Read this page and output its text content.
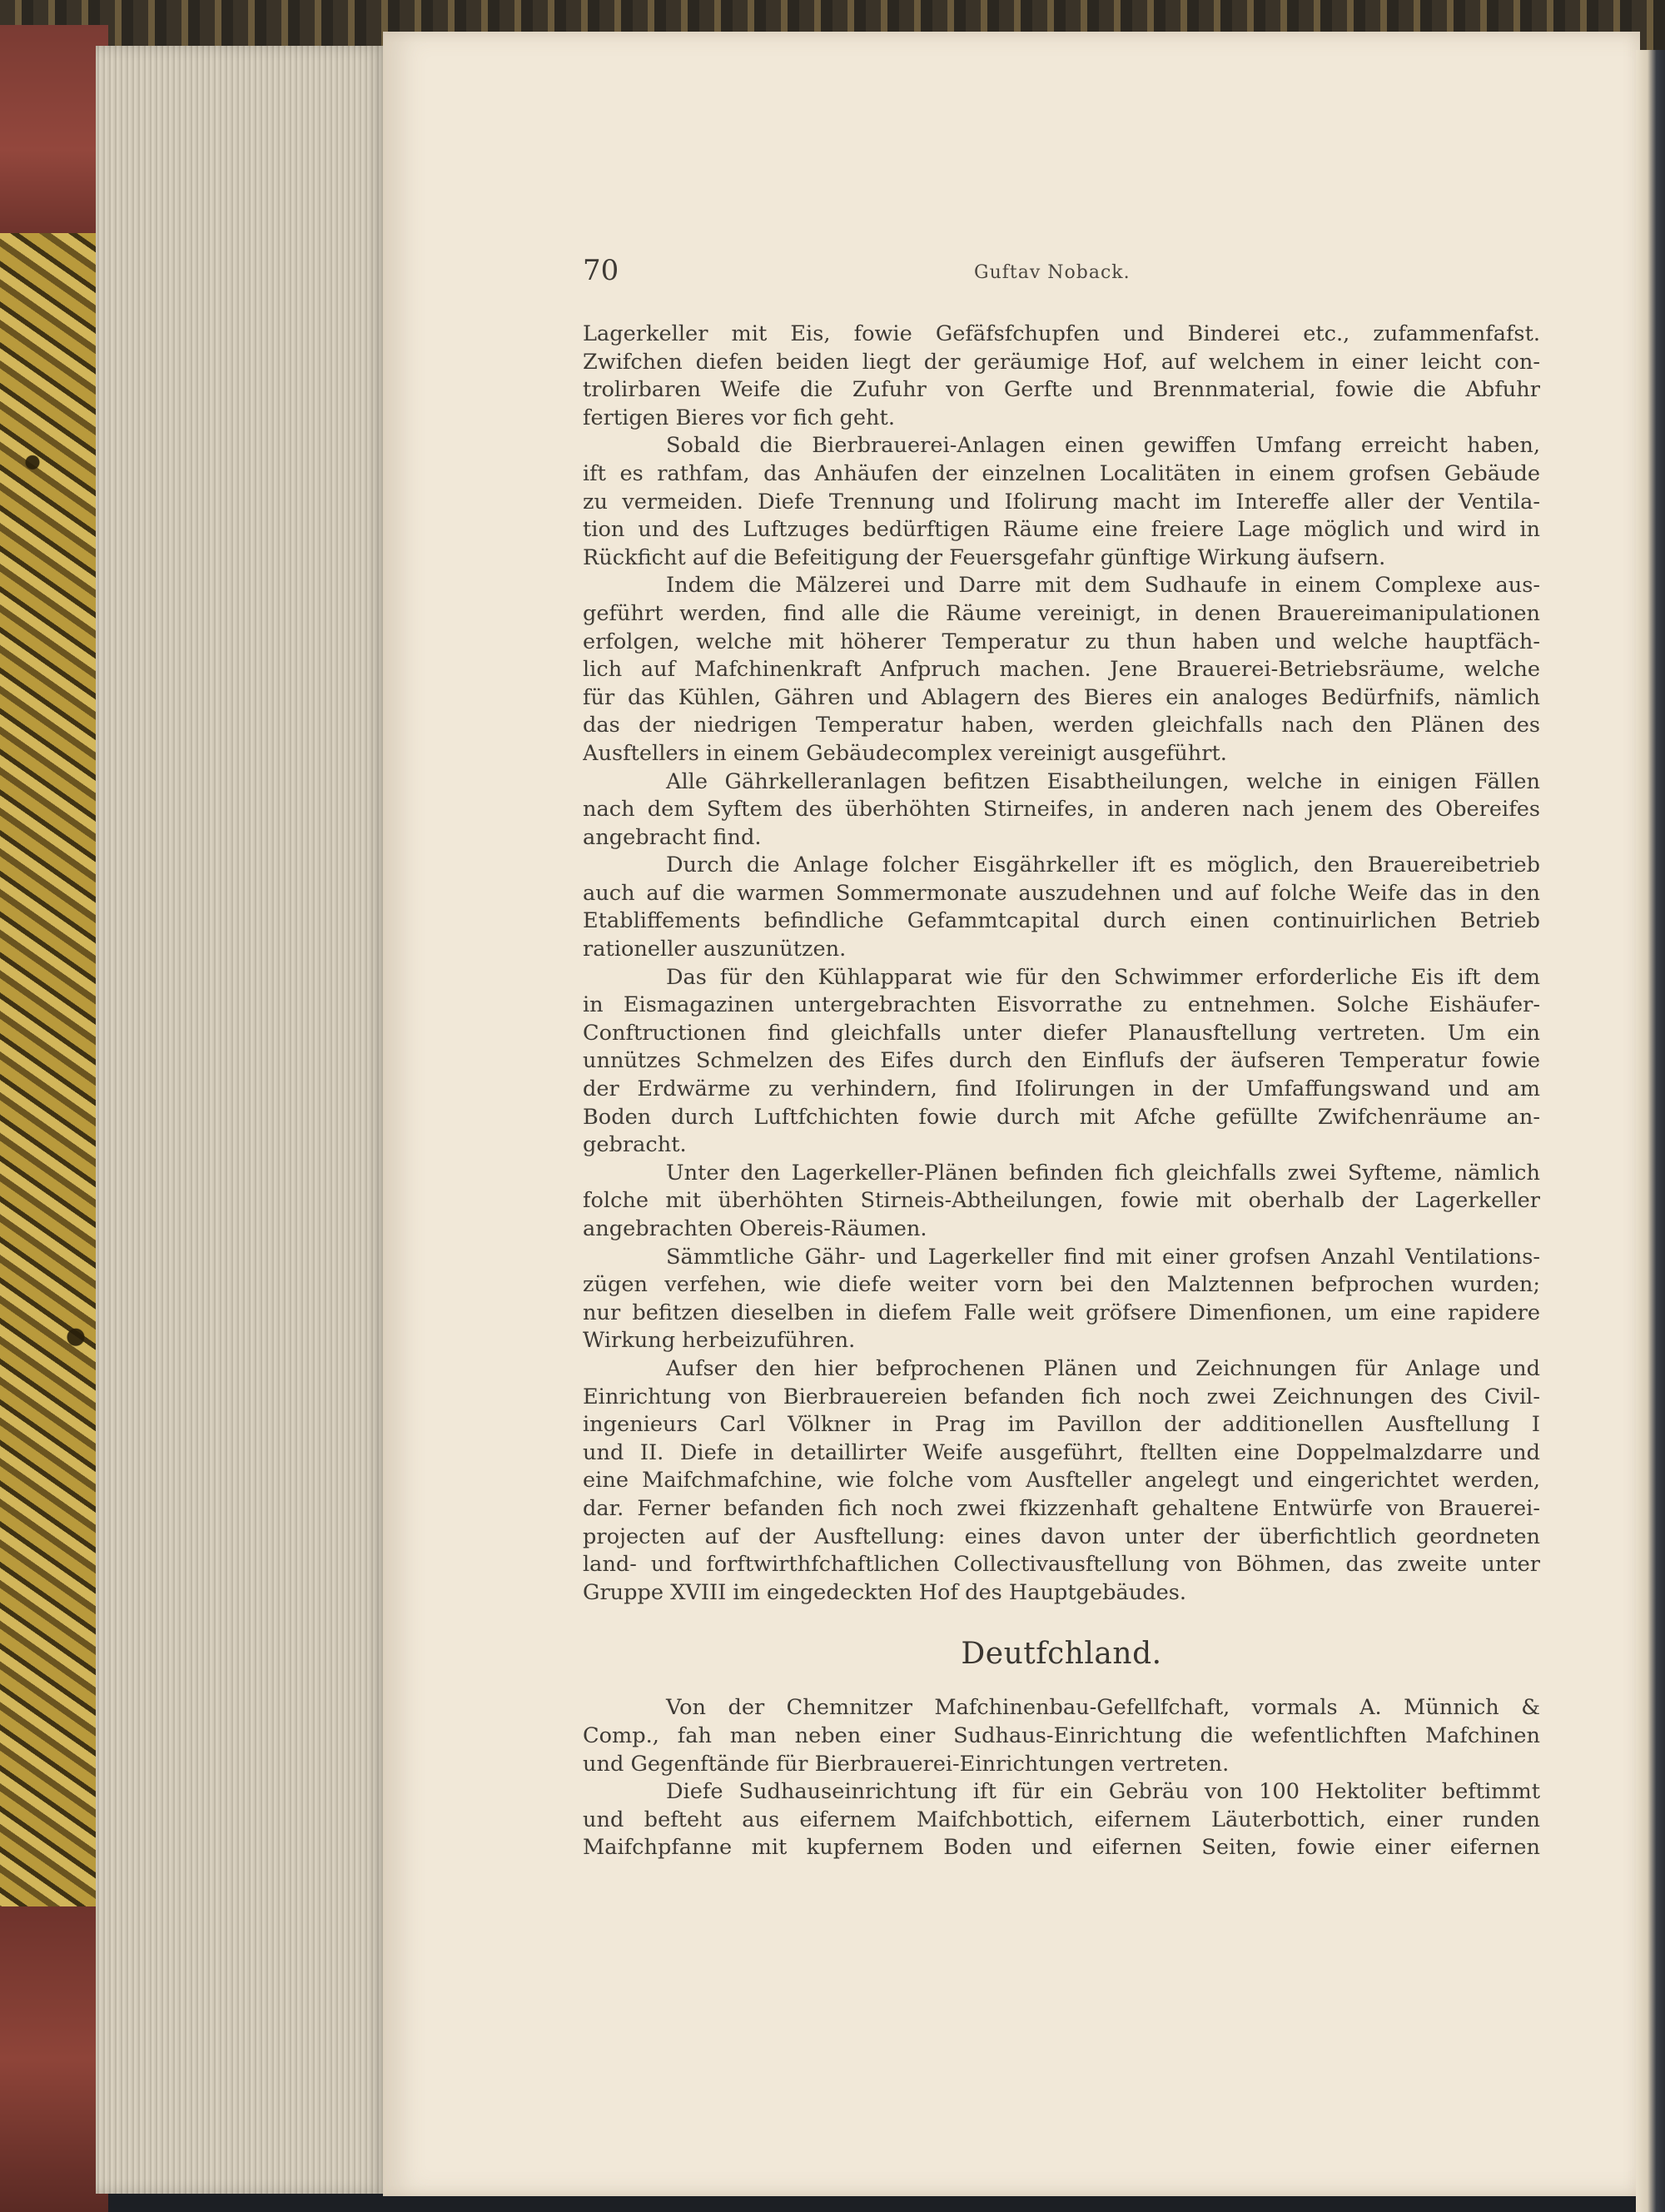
70	Guftav Noback.
Lagerkeller mit Eis, fowie Gefäfsfchupfen und Binderei etc., zufammenfafst.
Zwifchen diefen beiden liegt der geräumige Hof, auf welchem in einer leicht con-
trolirbaren Weife die Zufuhr von Gerfte und Brennmaterial, fowie die Abfuhr
fertigen Bieres vor fich geht.
Sobald die Bierbrauerei-Anlagen einen gewiffen Umfang erreicht haben,
ift es rathfam, das Anhäufen der einzelnen Localitäten in einem grofsen Gebäude
zu vermeiden. Diefe Trennung und Ifolirung macht im Intereffe aller der Ventila-
tion und des Luftzuges bedürftigen Räume eine freiere Lage möglich und wird in
Rückficht auf die Befeitigung der Feuersgefahr günftige Wirkung äufsern.
Indem die Mälzerei und Darre mit dem Sudhaufe in einem Complexe aus-
geführt werden, find alle die Räume vereinigt, in denen Brauereimanipulationen
erfolgen, welche mit höherer Temperatur zu thun haben und welche hauptfäch-
lich auf Mafchinenkraft Anfpruch machen. Jene Brauerei-Betriebsräume, welche
für das Kühlen, Gähren und Ablagern des Bieres ein analoges Bedürfnifs, nämlich
das der niedrigen Temperatur haben, werden gleichfalls nach den Plänen des
Ausftellers in einem Gebäudecomplex vereinigt ausgeführt.
Alle Gährkelleranlagen befitzen Eisabtheilungen, welche in einigen Fällen
nach dem Syftem des überhöhten Stirneifes, in anderen nach jenem des Obereifes
angebracht find.
Durch die Anlage folcher Eisgährkeller ift es möglich, den Brauereibetrieb
auch auf die warmen Sommermonate auszudehnen und auf folche Weife das in den
Etabliffements befindliche Gefammtcapital durch einen continuirlichen Betrieb
rationeller auszunützen.
Das für den Kühlapparat wie für den Schwimmer erforderliche Eis ift dem
in Eismagazinen untergebrachten Eisvorrathe zu entnehmen. Solche Eishäufer-
Conftructionen find gleichfalls unter diefer Planausftellung vertreten. Um ein
unnützes Schmelzen des Eifes durch den Einflufs der äufseren Temperatur fowie
der Erdwärme zu verhindern, find Ifolirungen in der Umfaffungswand und am
Boden durch Luftfchichten fowie durch mit Afche gefüllte Zwifchenräume an-
gebracht.
Unter den Lagerkeller-Plänen befinden fich gleichfalls zwei Syfteme, nämlich
folche mit überhöhten Stirneis-Abtheilungen, fowie mit oberhalb der Lagerkeller
angebrachten Obereis-Räumen.
Sämmtliche Gähr- und Lagerkeller find mit einer grofsen Anzahl Ventilations-
zügen verfehen, wie diefe weiter vorn bei den Malztennen befprochen wurden;
nur befitzen dieselben in diefem Falle weit gröfsere Dimenfionen, um eine rapidere
Wirkung herbeizuführen.
Aufser den hier befprochenen Plänen und Zeichnungen für Anlage und
Einrichtung von Bierbrauereien befanden fich noch zwei Zeichnungen des Civil-
ingenieurs Carl Völkner in Prag im Pavillon der additionellen Ausftellung I
und II. Diefe in detaillirter Weife ausgeführt, ftellten eine Doppelmalzdarre und
eine Maifchmafchine, wie folche vom Ausfteller angelegt und eingerichtet werden,
dar. Ferner befanden fich noch zwei fkizzenhaft gehaltene Entwürfe von Brauerei-
projecten auf der Ausftellung: eines davon unter der überfichtlich geordneten
land- und forftwirthfchaftlichen Collectivausftellung von Böhmen, das zweite unter
Gruppe XVIII im eingedeckten Hof des Hauptgebäudes.
Deutfchland.
Von der Chemnitzer Mafchinenbau-Gefellfchaft, vormals A. Münnich &
Comp., fah man neben einer Sudhaus-Einrichtung die wefentlichften Mafchinen
und Gegenftände für Bierbrauerei-Einrichtungen vertreten.
Diefe Sudhauseinrichtung ift für ein Gebräu von 100 Hektoliter beftimmt
und befteht aus eifernem Maifchbottich, eifernem Läuterbottich, einer runden
Maifchpfanne mit kupfernem Boden und eifernen Seiten, fowie einer eifernen
